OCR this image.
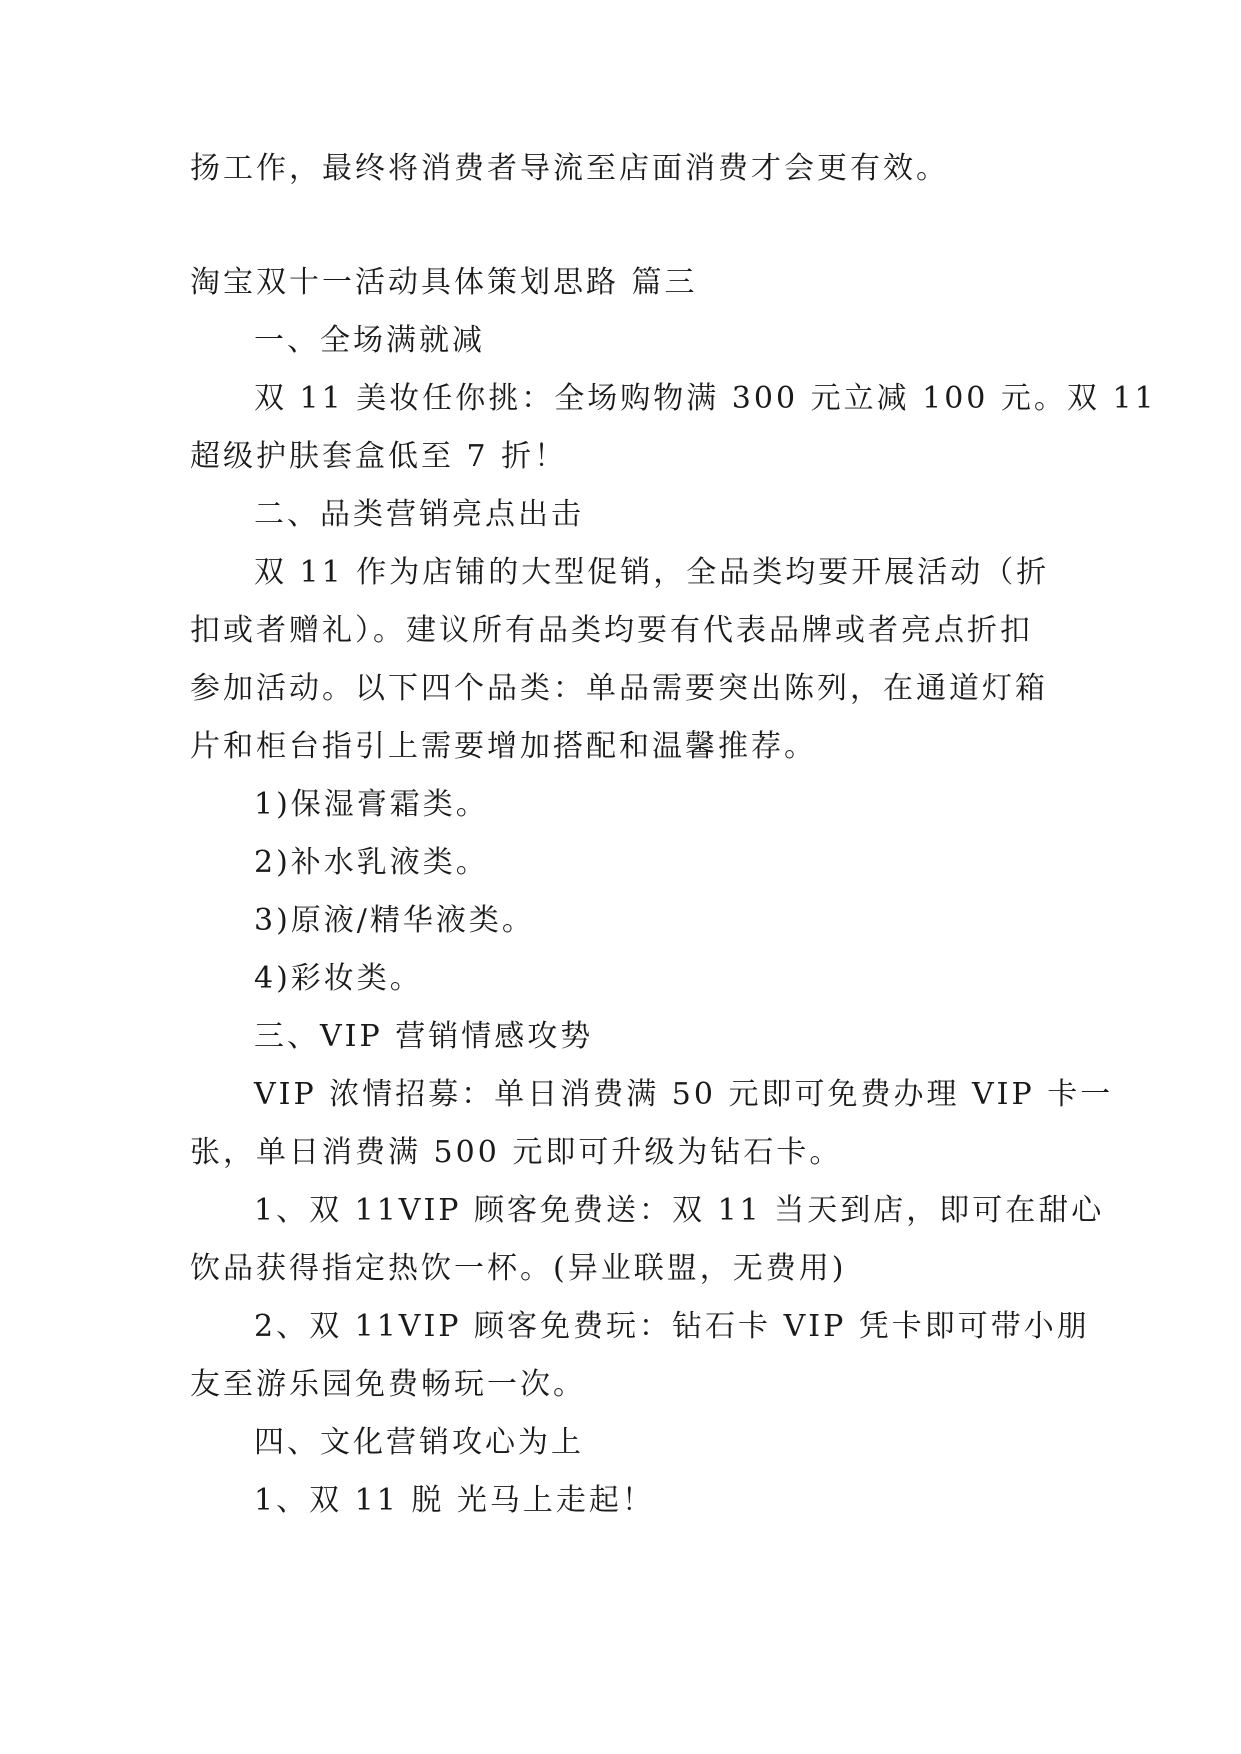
扬工作，最终将消费者导流至店面消费才会更有效。

淘宝双十一活动具体策划思路 篇三

一、全场满就减

双 11 美妆任你挑：全场购物满 300 元立减 100 元。双 11

超级护肤套盒低至 7 折！

二、品类营销亮点出击

双 11 作为店铺的大型促销，全品类均要开展活动（折

扣或者赠礼）。建议所有品类均要有代表品牌或者亮点折扣

参加活动。以下四个品类：单品需要突出陈列，在通道灯箱

片和柜台指引上需要增加搭配和温馨推荐。

1)保湿膏霜类。

2)补水乳液类。

3)原液/精华液类。

4)彩妆类。

三、VIP 营销情感攻势

VIP 浓情招募：单日消费满 50 元即可免费办理 VIP 卡一

张，单日消费满 500 元即可升级为钻石卡。

1、双 11VIP 顾客免费送：双 11 当天到店，即可在甜心

饮品获得指定热饮一杯。(异业联盟，无费用)

2、双 11VIP 顾客免费玩：钻石卡 VIP 凭卡即可带小朋

友至游乐园免费畅玩一次。

四、文化营销攻心为上

1、双 11 脱 光马上走起！
